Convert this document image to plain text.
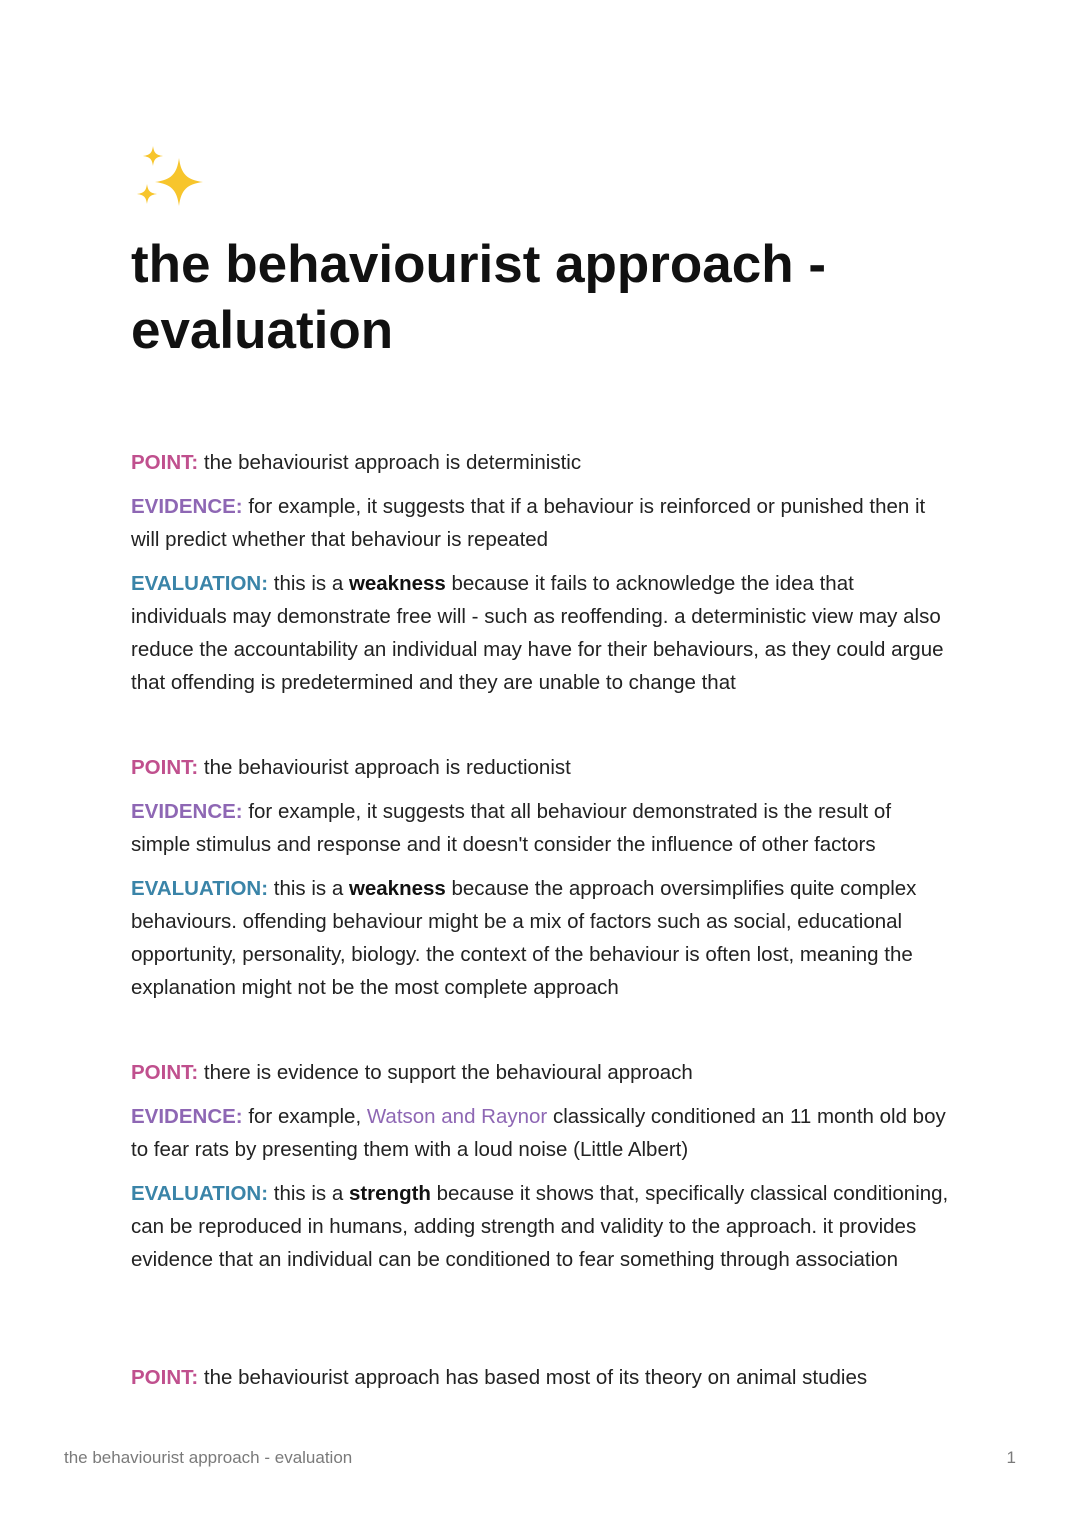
the behaviourist approach - evaluation

POINT: the behaviourist approach is deterministic

EVIDENCE: for example, it suggests that if a behaviour is reinforced or punished then it will predict whether that behaviour is repeated

EVALUATION: this is a weakness because it fails to acknowledge the idea that individuals may demonstrate free will - such as reoffending. a deterministic view may also reduce the accountability an individual may have for their behaviours, as they could argue that offending is predetermined and they are unable to change that

POINT: the behaviourist approach is reductionist

EVIDENCE: for example, it suggests that all behaviour demonstrated is the result of simple stimulus and response and it doesn't consider the influence of other factors

EVALUATION: this is a weakness because the approach oversimplifies quite complex behaviours. offending behaviour might be a mix of factors such as social, educational opportunity, personality, biology. the context of the behaviour is often lost, meaning the explanation might not be the most complete approach

POINT: there is evidence to support the behavioural approach

EVIDENCE: for example, Watson and Raynor classically conditioned an 11 month old boy to fear rats by presenting them with a loud noise (Little Albert)

EVALUATION: this is a strength because it shows that, specifically classical conditioning, can be reproduced in humans, adding strength and validity to the approach. it provides evidence that an individual can be conditioned to fear something through association

POINT: the behaviourist approach has based most of its theory on animal studies

the behaviourist approach - evaluation	1
